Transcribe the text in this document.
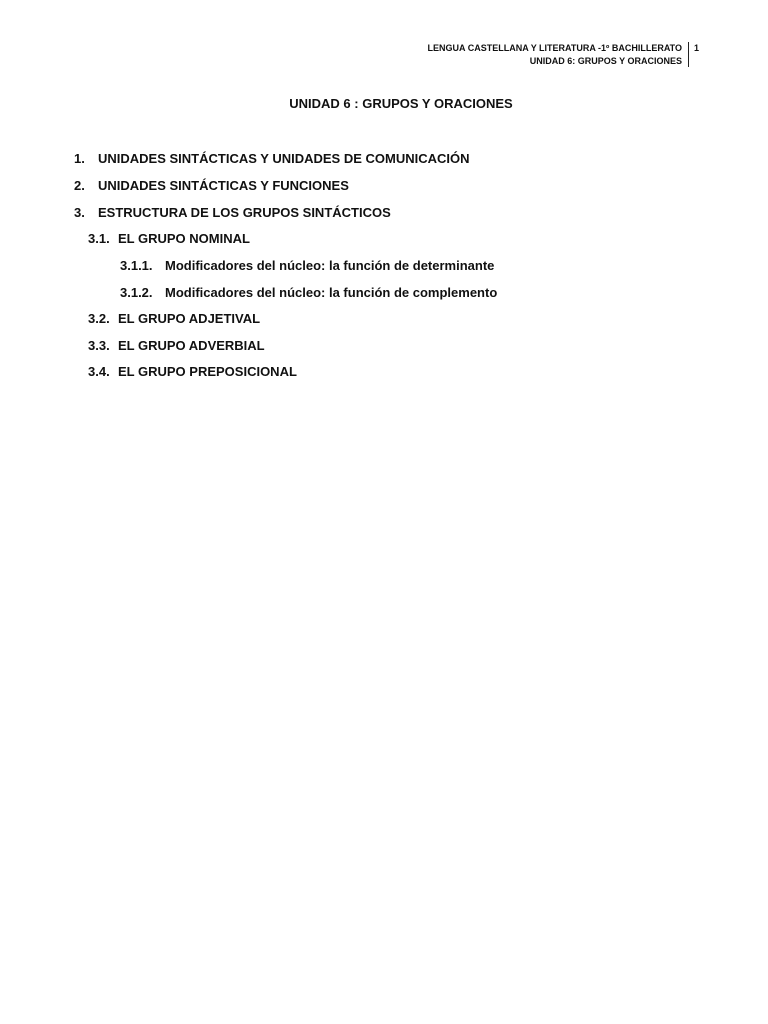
LENGUA CASTELLANA Y LITERATURA -1º BACHILLERATO
UNIDAD 6: GRUPOS Y ORACIONES
1
UNIDAD 6 : GRUPOS Y ORACIONES
1. UNIDADES SINTÁCTICAS Y UNIDADES DE COMUNICACIÓN
2. UNIDADES SINTÁCTICAS Y FUNCIONES
3. ESTRUCTURA DE LOS GRUPOS SINTÁCTICOS
3.1. EL GRUPO NOMINAL
3.1.1. Modificadores del núcleo: la función de determinante
3.1.2. Modificadores del núcleo: la función de complemento
3.2. EL GRUPO ADJETIVAL
3.3. EL GRUPO ADVERBIAL
3.4. EL GRUPO PREPOSICIONAL
